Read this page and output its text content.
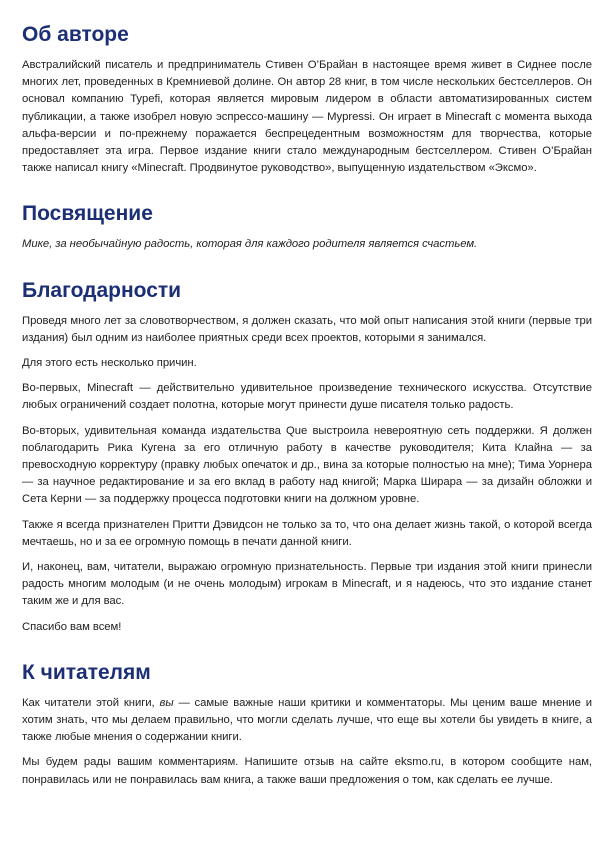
Об авторе

Австралийский писатель и предприниматель Стивен О’Брайан в настоящее время живет в Сиднее после многих лет, проведенных в Кремниевой долине. Он автор 28 книг, в том числе нескольких бестселлеров. Он основал компанию Typefi, которая является мировым лидером в области автоматизированных систем публикации, а также изобрел новую эспрессо-машину — Mypressi. Он играет в Minecraft с момента выхода альфа-версии и по-прежнему поражается беспрецедентным возможностям для творчества, которые предоставляет эта игра. Первое издание книги стало международным бестселлером. Стивен О’Брайан также написал книгу «Minecraft. Продвинутое руководство», выпущенную издательством «Эксмо».

Посвящение

Мике, за необычайную радость, которая для каждого родителя является счастьем.

Благодарности

Проведя много лет за словотворчеством, я должен сказать, что мой опыт написания этой книги (первые три издания) был одним из наиболее приятных среди всех проектов, которыми я занимался.

Для этого есть несколько причин.

Во-первых, Minecraft — действительно удивительное произведение технического искусства. Отсутствие любых ограничений создает полотна, которые могут принести душе писателя только радость.

Во-вторых, удивительная команда издательства Que выстроила невероятную сеть поддержки. Я должен поблагодарить Рика Кугена за его отличную работу в качестве руководителя; Кита Клайна — за превосходную корректуру (правку любых опечаток и др., вина за которые полностью на мне); Тима Уорнера — за научное редактирование и за его вклад в работу над книгой; Марка Ширара — за дизайн обложки и Сета Керни — за поддержку процесса подготовки книги на должном уровне.

Также я всегда признателен Притти Дэвидсон не только за то, что она делает жизнь такой, о которой всегда мечтаешь, но и за ее огромную помощь в печати данной книги.

И, наконец, вам, читатели, выражаю огромную признательность. Первые три издания этой книги принесли радость многим молодым (и не очень молодым) игрокам в Minecraft, и я надеюсь, что это издание станет таким же и для вас.

Спасибо вам всем!

К читателям

Как читатели этой книги, вы — самые важные наши критики и комментаторы. Мы ценим ваше мнение и хотим знать, что мы делаем правильно, что могли сделать лучше, что еще вы хотели бы увидеть в книге, а также любые мнения о содержании книги.

Мы будем рады вашим комментариям. Напишите отзыв на сайте eksmo.ru, в котором сообщите нам, понравилась или не понравилась вам книга, а также ваши предложения о том, как сделать ее лучше.
